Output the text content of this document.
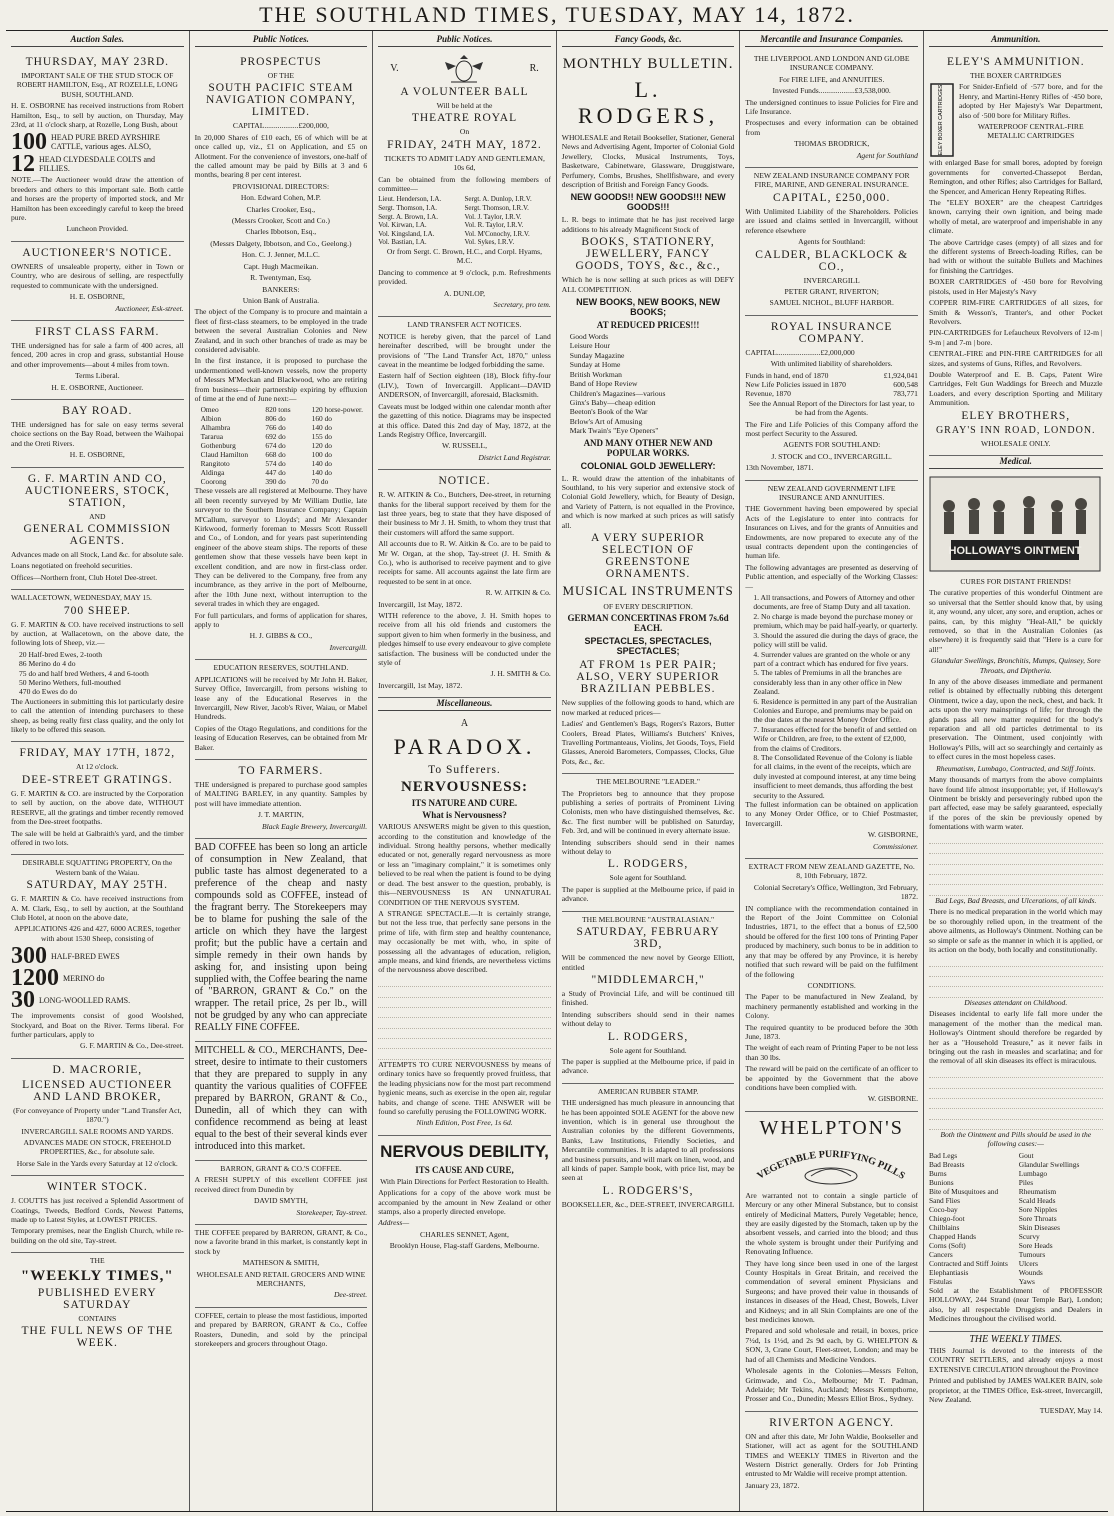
THE SOUTHLAND TIMES, TUESDAY, MAY 14, 1872.
Auction Sales.
THURSDAY, MAY 23RD.

IMPORTANT SALE OF THE STUD STOCK OF ROBERT HAMILTON, Esq., AT ROZELLE, LONG BUSH, SOUTHLAND.

H. E. OSBORNE has received instructions from Robert Hamilton, Esq., to sell by auction, on Thursday, May 23rd, at 11 o'clock sharp, at Rozelle, Long Bush, about

100 HEAD PURE BRED AYRSHIRE CATTLE, various ages. ALSO,
12 HEAD CLYDESDALE COLTS and FILLIES.

NOTE.—The Auctioneer would draw the attention of breeders and others to this important sale. Both cattle and horses are the property of imported stock, and Mr Hamilton has been exceedingly careful to keep the breed pure.

Luncheon Provided.

AUCTIONEER'S NOTICE.

OWNERS of unsaleable property, either in Town or Country, who are desirous of selling, are respectfully requested to communicate with the undersigned.

H. E. OSBORNE,

Auctioneer, Esk-street.

FIRST CLASS FARM.

THE undersigned has for sale a farm of 400 acres, all fenced, 200 acres in crop and grass, substantial House and other improvements—about 4 miles from town.

Terms Liberal.

H. E. OSBORNE, Auctioneer.

BAY ROAD.

THE undersigned has for sale on easy terms several choice sections on the Bay Road, between the Waihopai and the Oreti Rivers.

H. E. OSBORNE,

G. F. MARTIN AND CO, AUCTIONEERS, STOCK, STATION,

AND

GENERAL COMMISSION AGENTS.

Advances made on all Stock, Land &c. for absolute sale.

Loans negotiated on freehold securities.

Offices—Northern front, Club Hotel Dee-street.

WALLACETOWN, WEDNESDAY, MAY 15.

700 SHEEP.

G. F. MARTIN & CO. have received instructions to sell by auction, at Wallacetown, on the above date, the following lots of Sheep, viz.—

20 Half-bred Ewes, 2-tooth

86 Merino do 4 do

75 do and half bred Wethers, 4 and 6-tooth

50 Merino Wethers, full-mouthed

470 do Ewes do do

The Auctioneers in submitting this lot particularly desire to call the attention of intending purchasers to these sheep, as being really first class quality, and the only lot likely to be offered this season.

FRIDAY, MAY 17TH, 1872,

At 12 o'clock.

DEE-STREET GRATINGS.

G. F. MARTIN & CO. are instructed by the Corporation to sell by auction, on the above date, WITHOUT RESERVE, all the gratings and timber recently removed from the Dee-street footpaths.

The sale will be held at Galbraith's yard, and the timber offered in two lots.

DESIRABLE SQUATTING PROPERTY, On the Western bank of the Waiau.

SATURDAY, MAY 25TH.

G. F. MARTIN & Co. have received instructions from A. M. Clark, Esq., to sell by auction, at the Southland Club Hotel, at noon on the above date,

APPLICATIONS 426 and 427, 6000 ACRES, together with about 1530 Sheep, consisting of

300 HALF-BRED EWES
1200 MERINO do
30 LONG-WOOLLED RAMS.

The improvements consist of good Woolshed, Stockyard, and Boat on the River. Terms liberal. For further particulars, apply to

G. F. MARTIN & Co., Dee-street.

D. MACRORIE,
LICENSED AUCTIONEER AND LAND BROKER,

(For conveyance of Property under "Land Transfer Act, 1870.")

INVERCARGILL SALE ROOMS AND YARDS.

ADVANCES MADE ON STOCK, FREEHOLD PROPERTIES, &c., for absolute sale.

Horse Sale in the Yards every Saturday at 12 o'clock.

WINTER STOCK.

J. COUTTS has just received a Splendid Assortment of Coatings, Tweeds, Bedford Cords, Newest Patterns, made up to Latest Styles, at LOWEST PRICES.

Temporary premises, near the English Church, while re-building on the old site, Tay-street.

THE

"WEEKLY TIMES,"
PUBLISHED EVERY SATURDAY

CONTAINS

THE FULL NEWS OF THE WEEK.
Public Notices.
PROSPECTUS

OF THE

SOUTH PACIFIC STEAM NAVIGATION COMPANY, LIMITED.

CAPITAL..................£200,000,

In 20,000 Shares of £10 each, £6 of which will be at once called up, viz., £1 on Application, and £5 on Allotment. For the convenience of investors, one-half of the called amount may be paid by Bills at 3 and 6 months, bearing 8 per cent interest.

PROVISIONAL DIRECTORS:

Hon. Edward Cohen, M.P.

Charles Crooker, Esq.,

(Messrs Crooker, Scott and Co.)

Charles Ibbotson, Esq.,

(Messrs Dalgety, Ibbotson, and Co., Geelong.)

Hon. C. J. Jenner, M.L.C.

Capt. Hugh Macmeikan.

R. Twentyman, Esq.

BANKERS:

Union Bank of Australia.

The object of the Company is to procure and maintain a fleet of first-class steamers, to be employed in the trade between the several Australian Colonies and New Zealand, and in such other branches of trade as may be considered advisable.

In the first instance, it is proposed to purchase the undermentioned well-known vessels, now the property of Messrs M'Meckan and Blackwood, who are retiring from business—their partnership expiring by effluxion of time at the end of June next:—

Omeo	820 tons	120 horse-power.
Albion	806 do	160 do
Alhambra	766 do	140 do
Tararua	692 do	155 do
Gothenburg	674 do	120 do
Claud Hamilton	668 do	100 do
Rangitoto	574 do	140 do
Aldinga	447 do	140 do
Coorong	390 do	70 do

These vessels are all registered at Melbourne. They have all been recently surveyed by Mr William Dutlie, late surveyor to the Southern Insurance Company; Captain M'Callum, surveyor to Lloyds'; and Mr Alexander Kirkwood, formerly foreman to Messrs Scott Russell and Co., of London, and for years past superintending engineer of the above steam ships. The reports of these gentlemen show that these vessels have been kept in excellent condition, and are now in first-class order. They can be delivered to the Company, free from any incumbrance, as they arrive in the port of Melbourne, after the 10th June next, without interruption to the several trades in which they are engaged.

For full particulars, and forms of application for shares, apply to

H. J. GIBBS & CO.,

Invercargill.

EDUCATION RESERVES, SOUTHLAND.

APPLICATIONS will be received by Mr John H. Baker, Survey Office, Invercargill, from persons wishing to lease any of the Educational Reserves in the Invercargill, New River, Jacob's River, Waiau, or Mabel Hundreds.

Copies of the Otago Regulations, and conditions for the leasing of Education Reserves, can be obtained from Mr Baker.

TO FARMERS.

THE undersigned is prepared to purchase good samples of MALTING BARLEY, in any quantity. Samples by post will have immediate attention.

J. T. MARTIN,

Black Eagle Brewery, Invercargill.

BAD COFFEE has been so long an article of consumption in New Zealand, that public taste has almost degenerated to a preference of the cheap and nasty compounds sold as COFFEE, instead of the fragrant berry. The Storekeepers may be to blame for pushing the sale of the article on which they have the largest profit; but the public have a certain and simple remedy in their own hands by asking for, and insisting upon being supplied with, the Coffee bearing the name of "BARRON, GRANT & Co." on the wrapper. The retail price, 2s per lb., will not be grudged by any who can appreciate REALLY FINE COFFEE.

MITCHELL & CO., MERCHANTS, Dee-street, desire to intimate to their customers that they are prepared to supply in any quantity the various qualities of COFFEE prepared by BARRON, GRANT & Co., Dunedin, all of which they can with confidence recommend as being at least equal to the best of their several kinds ever introduced into this market.

BARRON, GRANT & CO.'S COFFEE.

A FRESH SUPPLY of this excellent COFFEE just received direct from Dunedin by

DAVID SMYTH,

Storekeeper, Tay-street.

THE COFFEE prepared by BARRON, GRANT, & Co., now a favorite brand in this market, is constantly kept in stock by

MATHESON & SMITH,

WHOLESALE AND RETAIL GROCERS AND WINE MERCHANTS,

Dee-street.

COFFEE, certain to please the most fastidious, imported and prepared by BARRON, GRANT & Co., Coffee Roasters, Dunedin, and sold by the principal storekeepers and grocers throughout Otago.

Public Notices.
V.	R.
A VOLUNTEER BALL

Will be held at the

THEATRE ROYAL

On

FRIDAY, 24TH MAY, 1872.

TICKETS TO ADMIT LADY AND GENTLEMAN, 10s 6d,

Can be obtained from the following members of committee—

Lieut. Henderson, I.A.	Sergt. A. Dunlop, I.R.V.
Sergt. Thomson, I.A.	Sergt. Thomson, I.R.V.
Sergt. A. Brown, I.A.	Vol. J. Taylor, I.R.V.
Vol. Kirwan, I.A.	Vol. R. Taylor, I.R.V.
Vol. Kingsland, I.A.	Vol. M'Conochy, I.R.V.
Vol. Bastian, I.A.	Vol. Sykes, I.R.V.

Or from Sergt. C. Brown, H.C., and Corpl. Hyams, M.C.

Dancing to commence at 9 o'clock, p.m. Refreshments provided.

A. DUNLOP,

Secretary, pro tem.

LAND TRANSFER ACT NOTICES.

NOTICE is hereby given, that the parcel of Land hereinafter described, will be brought under the provisions of "The Land Transfer Act, 1870," unless caveat in the meantime be lodged forbidding the same.

Eastern half of Section eighteen (18), Block fifty-four (LIV.), Town of Invercargill. Applicant—DAVID ANDERSON, of Invercargill, aforesaid, Blacksmith.

Caveats must be lodged within one calendar month after the gazetting of this notice. Diagrams may be inspected at this office. Dated this 2nd day of May, 1872, at the Lands Registry Office, Invercargill.

W. RUSSELL,

District Land Registrar.

NOTICE.

R. W. AITKIN & Co., Butchers, Dee-street, in returning thanks for the liberal support received by them for the last three years, beg to state that they have disposed of their business to Mr J. H. Smith, to whom they trust that their customers will afford the same support.

All accounts due to R. W. Aitkin & Co. are to be paid to Mr W. Organ, at the shop, Tay-street (J. H. Smith & Co.), who is authorised to receive payment and to give receipts for same. All accounts against the late firm are requested to be sent in at once.

R. W. AITKIN & Co.

Invercargill, 1st May, 1872.

WITH reference to the above, J. H. Smith hopes to receive from all his old friends and customers the support given to him when formerly in the business, and pledges himself to use every endeavour to give complete satisfaction. The business will be conducted under the style of

J. H. SMITH & Co.

Invercargill, 1st May, 1872.

Miscellaneous.

A

PARADOX.
To Sufferers.
NERVOUSNESS:
ITS NATURE AND CURE.
What is Nervousness?

VARIOUS ANSWERS might be given to this question, according to the constitution and knowledge of the individual. Strong healthy persons, whether medically educated or not, generally regard nervousness as more or less an "imaginary complaint," it is sometimes only believed to be real when the patient is found to be dying or dead. The best answer to the question, probably, is this—NERVOUSNESS IS AN UNNATURAL CONDITION OF THE NERVOUS SYSTEM.

A STRANGE SPECTACLE.—It is certainly strange, but not the less true, that perfectly sane persons in the prime of life, with firm step and healthy countenance, may occasionally be met with, who, in spite of possessing all the advantages of education, religion, ample means, and kind friends, are nevertheless victims of the nervousness above described.

ATTEMPTS TO CURE NERVOUSNESS by means of ordinary tonics have so frequently proved fruitless, that the leading physicians now for the most part recommend hygienic means, such as exercise in the open air, regular habits, and change of scene. THE ANSWER will be found so carefully perusing the FOLLOWING WORK.

Ninth Edition, Post Free, 1s 6d.

NERVOUS DEBILITY,
ITS CAUSE AND CURE,

With Plain Directions for Perfect Restoration to Health.

Applications for a copy of the above work must be accompanied by the amount in New Zealand or other stamps, also a properly directed envelope.

Address—

CHARLES SENNET, Agent,

Brooklyn House, Flag-staff Gardens, Melbourne.

Fancy Goods, &c.
MONTHLY BULLETIN.
L. RODGERS,

WHOLESALE and Retail Bookseller, Stationer, General News and Advertising Agent, Importer of Colonial Gold Jewellery, Clocks, Musical Instruments, Toys, Basketware, Cabinetware, Glassware, Druggistware, Perfumery, Combs, Brushes, Shellfishware, and every description of British and Foreign Fancy Goods.

NEW GOODS!! NEW GOODS!!! NEW GOODS!!!

L. R. begs to intimate that he has just received large additions to his already Magnificent Stock of

BOOKS, STATIONERY, JEWELLERY, FANCY GOODS, TOYS, &c., &c.,

Which he is now selling at such prices as will DEFY ALL COMPETITION.

NEW BOOKS, NEW BOOKS, NEW BOOKS;
AT REDUCED PRICES!!!

Good Words

Leisure Hour

Sunday Magazine

Sunday at Home

British Workman

Band of Hope Review

Children's Magazines—various

Ginx's Baby—cheap edition

Beeton's Book of the War

Brlow's Art of Amusing

Mark Twain's "Eye Openers"

AND MANY OTHER NEW AND POPULAR WORKS.
COLONIAL GOLD JEWELLERY:

L. R. would draw the attention of the inhabitants of Southland, to his very superior and extensive stock of Colonial Gold Jewellery, which, for Beauty of Design, and Variety of Pattern, is not equalled in the Province, and which is now marked at such prices as will satisfy all.

A VERY SUPERIOR SELECTION OF GREENSTONE ORNAMENTS.
MUSICAL INSTRUMENTS

OF EVERY DESCRIPTION.

GERMAN CONCERTINAS FROM 7s.6d EACH.
SPECTACLES, SPECTACLES, SPECTACLES;
AT FROM 1s PER PAIR; ALSO, VERY SUPERIOR BRAZILIAN PEBBLES.

New supplies of the following goods to hand, which are now marked at reduced prices—

Ladies' and Gentlemen's Bags, Rogers's Razors, Butter Coolers, Bread Plates, Williams's Butchers' Knives, Travelling Portmanteaus, Violins, Jet Goods, Toys, Field Glasses, Aneroid Barometers, Compasses, Clocks, Glue Pots, &c., &c.

THE MELBOURNE "LEADER."

The Proprietors beg to announce that they propose publishing a series of portraits of Prominent Living Colonists, men who have distinguished themselves, &c. &c. The first number will be published on Saturday, Feb. 3rd, and will be continued in every alternate issue.

Intending subscribers should send in their names without delay to

L. RODGERS,

Sole agent for Southland.

The paper is supplied at the Melbourne price, if paid in advance.

THE MELBOURNE "AUSTRALASIAN."

SATURDAY, FEBRUARY 3RD,

Will be commenced the new novel by George Elliott, entitled

"MIDDLEMARCH,"

a Study of Provincial Life, and will be continued till finished.

Intending subscribers should send in their names without delay to

L. RODGERS,

Sole agent for Southland.

The paper is supplied at the Melbourne price, if paid in advance.

AMERICAN RUBBER STAMP.

THE undersigned has much pleasure in announcing that he has been appointed SOLE AGENT for the above new invention, which is in general use throughout the Australian colonies by the different Governments, Banks, Law Institutions, Friendly Societies, and Mercantile communities. It is adapted to all professions and business pursuits, and will mark on linen, wood, and all kinds of paper. Sample book, with price list, may be seen at

L. RODGERS'S,

BOOKSELLER, &c., DEE-STREET, INVERCARGILL

Mercantile and Insurance Companies.

THE LIVERPOOL AND LONDON AND GLOBE INSURANCE COMPANY.

For FIRE LIFE, and ANNUITIES.

Invested Funds...................£3,538,000.

The undersigned continues to issue Policies for Fire and Life Insurance.

Prospectuses and every information can be obtained from

THOMAS BRODRICK,

Agent for Southland

NEW ZEALAND INSURANCE COMPANY FOR FIRE, MARINE, AND GENERAL INSURANCE.

CAPITAL, £250,000.

With Unlimited Liability of the Shareholders. Policies are issued and claims settled in Invercargill, without reference elsewhere

Agents for Southland:

CALDER, BLACKLOCK & CO.,

INVERCARGILL

PETER GRANT, RIVERTON;

SAMUEL NICHOL, BLUFF HARBOR.

ROYAL INSURANCE COMPANY.

CAPITAL.......................£2,000,000

With unlimited liability of shareholders.

Funds in hand, end of 1870	£1,924,041
New Life Policies issued in 1870	600,548
Revenue, 1870	783,771

See the Annual Report of the Directors for last year, to be had from the Agents.

The Fire and Life Policies of this Company afford the most perfect Security to the Assured.

AGENTS FOR SOUTHLAND:

J. STOCK and CO., INVERCARGILL.

13th November, 1871.

NEW ZEALAND GOVERNMENT LIFE INSURANCE AND ANNUITIES.

THE Government having been empowered by special Acts of the Legislature to enter into contracts for Insurances on Lives, and for the grants of Annuities and Endowments, are now prepared to execute any of the usual contracts dependent upon the contingencies of human life.

The following advantages are presented as deserving of Public attention, and especially of the Working Classes:—

1. All transactions, and Powers of Attorney and other documents, are free of Stamp Duty and all taxation.

2. No charge is made beyond the purchase money or premium, which may be paid half-yearly, or quarterly.

3. Should the assured die during the days of grace, the policy will still be valid.

4. Surrender values are granted on the whole or any part of a contract which has endured for five years.

5. The tables of Premiums in all the branches are considerably less than in any other office in New Zealand.

6. Residence is permitted in any part of the Australian Colonies and Europe, and premiums may be paid on the due dates at the nearest Money Order Office.

7. Insurances effected for the benefit of and settled on Wife or Children, are free, to the extent of £2,000, from the claims of Creditors.

8. The Consolidated Revenue of the Colony is liable for all claims, in the event of the receipts, which are duly invested at compound interest, at any time being insufficient to meet demands, thus affording the best security to the Assured.

The fullest information can be obtained on application to any Money Order Office, or to Chief Postmaster, Invercargill.

W. GISBORNE,

Commissioner.

EXTRACT FROM NEW ZEALAND GAZETTE, No. 8, 10th February, 1872.

Colonial Secretary's Office, Wellington, 3rd February, 1872.

IN compliance with the recommendation contained in the Report of the Joint Committee on Colonial Industries, 1871, to the effect that a bonus of £2,500 should be offered for the first 100 tons of Printing Paper produced by machinery, such bonus to be in addition to any that may be offered by any Province, it is hereby notified that such reward will be paid on the fulfilment of the following

CONDITIONS.

The Paper to be manufactured in New Zealand, by machinery permanently established and working in the Colony.

The required quantity to be produced before the 30th June, 1873.

The weight of each ream of Printing Paper to be not less than 30 lbs.

The reward will be paid on the certificate of an officer to be appointed by the Government that the above conditions have been complied with.

W. GISBORNE.

WHELPTON'S
VEGETABLE PURIFYING PILLS

Are warranted not to contain a single particle of Mercury or any other Mineral Substance, but to consist entirely of Medicinal Matters, Purely Vegetable; hence, they are easily digested by the Stomach, taken up by the absorbent vessels, and carried into the blood; and thus the whole system is brought under their Purifying and Renovating Influence.

They have long since been used in one of the largest County Hospitals in Great Britain, and received the commendation of several eminent Physicians and Surgeons; and have proved their value in thousands of instances in diseases of the Head, Chest, Bowels, Liver and Kidneys; and in all Skin Complaints are one of the best medicines known.

Prepared and sold wholesale and retail, in boxes, price 7½d, 1s 1½d, and 2s 9d each, by G. WHELPTON & SON, 3, Crane Court, Fleet-street, London; and may be had of all Chemists and Medicine Vendors.

Wholesale agents in the Colonies—Messrs Felton, Grimwade, and Co., Melbourne; Mr T. Padman, Adelaide; Mr Tekins, Auckland; Messrs Kempthorne, Prosser and Co., Dunedin; Messrs Elliot Bros., Sydney.

RIVERTON AGENCY.

ON and after this date, Mr John Waldie, Bookseller and Stationer, will act as agent for the SOUTHLAND TIMES and WEEKLY TIMES in Riverton and the Western District generally. Orders for Job Printing entrusted to Mr Waldie will receive prompt attention.

January 23, 1872.

Ammunition.
ELEY'S AMMUNITION.

THE BOXER CARTRIDGES

ELEY BOXER CARTRIDGES For Snider-Enfield of ·577 bore, and for the Henry, and Martini-Henry Rifles of ·450 bore, adopted by Her Majesty's War Department, also of ·500 bore for Military Rifles.

WATERPROOF CENTRAL-FIRE METALLIC CARTRIDGES

with enlarged Base for small bores, adopted by foreign governments for converted-Chassepot Berdan, Remington, and other Rifles; also Cartridges for Ballard, the Spencer, and American Henry Repeating Rifles.

The "ELEY BOXER" are the cheapest Cartridges known, carrying their own ignition, and being made wholly of metal, are waterproof and imperishable in any climate.

The above Cartridge cases (empty) of all sizes and for the different systems of Breech-loading Rifles, can be had with or without the suitable Bullets and Machines for finishing the Cartridges.

BOXER CARTRIDGES of ·450 bore for Revolving pistols, used in Her Majesty's Navy

COPPER RIM-FIRE CARTRIDGES of all sizes, for Smith & Wesson's, Tranter's, and other Pocket Revolvers.

PIN-CARTRIDGES for Lefaucheux Revolvers of 12-m | 9-m | and 7-m | bore.

CENTRAL-FIRE and PIN-FIRE CARTRIDGES for all sizes, and systems of Guns, Rifles, and Revolvers.

Double Waterproof and E. B. Caps, Patent Wire Cartridges, Felt Gun Waddings for Breech and Muzzle Loaders, and every description Sporting and Military Ammunition.

ELEY BROTHERS,
GRAY'S INN ROAD, LONDON.

WHOLESALE ONLY.

Medical.
HOLLOWAY'S OINTMENT

CURES FOR DISTANT FRIENDS!

The curative properties of this wonderful Ointment are so universal that the Settler should know that, by using it, any wound, any ulcer, any sore, and eruption, aches or pains, can, by this mighty "Heal-All," be quickly removed, so that in the Australian Colonies (as elsewhere) it is frequently said that "Here is a cure for all!"

Glandular Swellings, Bronchitis, Mumps, Quinsey, Sore Throats, and Diptheria.

In any of the above diseases immediate and permanent relief is obtained by effectually rubbing this detergent Ointment, twice a day, upon the neck, chest, and back. It acts upon the very mainsprings of life; for through the glands pass all new matter required for the body's reparation and all old particles detrimental to its preservation. The Ointment, used conjointly with Holloway's Pills, will act so searchingly and certainly as to effect cures in the most hopeless cases.

Rheumatism, Lumbago, Contracted, and Stiff Joints.

Many thousands of martyrs from the above complaints have found life almost insupportable; yet, if Holloway's Ointment be briskly and perseveringly rubbed upon the part affected, ease may be safely guaranteed, especially if the pores of the skin be previously opened by fomentations with warm water.

Bad Legs, Bad Breasts, and Ulcerations, of all kinds.

There is no medical preparation in the world which may be so thoroughly relied upon, in the treatment of the above ailments, as Holloway's Ointment. Nothing can be so simple or safe as the manner in which it is applied, or its action on the body, both locally and constitutionally.

Diseases attendant on Childhood.

Diseases incidental to early life fall more under the management of the mother than the medical man. Holloway's Ointment should therefore be regarded by her as a "Household Treasure," as it never fails in bringing out the rash in measles and scarlatina; and for the removal of all skin diseases its effect is miraculous.

Both the Ointment and Pills should be used in the following cases:—

Bad Legs
Bad Breasts
Burns
Bunions
Bite of Musquitoes and Sand Flies
Coco-bay
Chiego-foot
Chilblains
Chapped Hands
Corns (Soft)
Cancers
Contracted and Stiff Joints
Elephantiasis
Fistulas
Gout
Glandular Swellings
Lumbago
Piles
Rheumatism
Scald Heads
Sore Nipples
Sore Throats
Skin Diseases
Scurvy
Sore Heads
Tumours
Ulcers
Wounds
Yaws

Sold at the Establishment of PROFESSOR HOLLOWAY, 244 Strand (near Temple Bar), London; also, by all respectable Druggists and Dealers in Medicines throughout the civilised world.

THE WEEKLY TIMES.

THIS Journal is devoted to the interests of the COUNTRY SETTLERS, and already enjoys a most EXTENSIVE CIRCULATION throughout the Province

Printed and published by JAMES WALKER BAIN, sole proprietor, at the TIMES Office, Esk-street, Invercargill, New Zealand.

TUESDAY, May 14.
